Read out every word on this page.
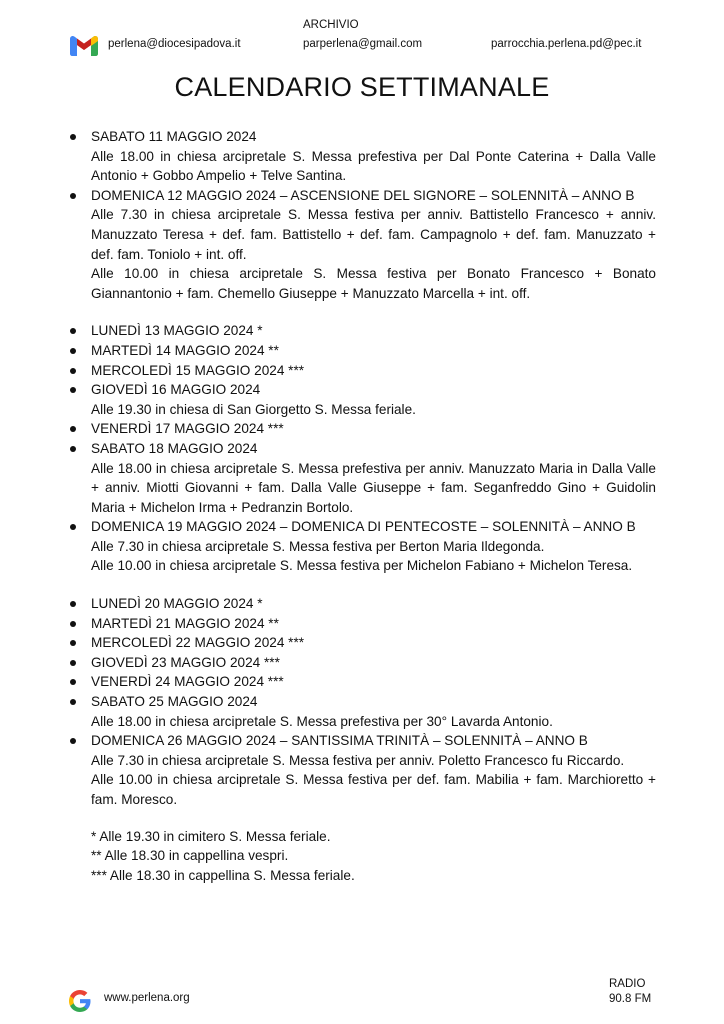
ARCHIVIO
perlena@diocesipadova.it	parperlena@gmail.com	parrocchia.perlena.pd@pec.it
CALENDARIO SETTIMANALE
SABATO 11 MAGGIO 2024
Alle 18.00 in chiesa arcipretale S. Messa prefestiva per Dal Ponte Caterina + Dalla Valle Antonio + Gobbo Ampelio + Telve Santina.
DOMENICA 12 MAGGIO 2024 – ASCENSIONE DEL SIGNORE – SOLENNITÀ – ANNO B
Alle 7.30 in chiesa arcipretale S. Messa festiva per anniv. Battistello Francesco + anniv. Manuzzato Teresa + def. fam. Battistello + def. fam. Campagnolo + def. fam. Manuzzato + def. fam. Toniolo + int. off.
Alle 10.00 in chiesa arcipretale S. Messa festiva per Bonato Francesco + Bonato Giannantonio + fam. Chemello Giuseppe + Manuzzato Marcella + int. off.
LUNEDÌ 13 MAGGIO 2024 *
MARTEDÌ 14 MAGGIO 2024 **
MERCOLEDÌ 15 MAGGIO 2024 ***
GIOVEDÌ 16 MAGGIO 2024
Alle 19.30 in chiesa di San Giorgetto S. Messa feriale.
VENERDÌ 17 MAGGIO 2024 ***
SABATO 18 MAGGIO 2024
Alle 18.00 in chiesa arcipretale S. Messa prefestiva per anniv. Manuzzato Maria in Dalla Valle + anniv. Miotti Giovanni + fam. Dalla Valle Giuseppe + fam. Seganfreddo Gino + Guidolin Maria + Michelon Irma + Pedranzin Bortolo.
DOMENICA 19 MAGGIO 2024 – DOMENICA DI PENTECOSTE – SOLENNITÀ – ANNO B
Alle 7.30 in chiesa arcipretale S. Messa festiva per Berton Maria Ildegonda.
Alle 10.00 in chiesa arcipretale S. Messa festiva per Michelon Fabiano + Michelon Teresa.
LUNEDÌ 20 MAGGIO 2024 *
MARTEDÌ 21 MAGGIO 2024 **
MERCOLEDÌ 22 MAGGIO 2024 ***
GIOVEDÌ 23 MAGGIO 2024 ***
VENERDÌ 24 MAGGIO 2024 ***
SABATO 25 MAGGIO 2024
Alle 18.00 in chiesa arcipretale S. Messa prefestiva per 30° Lavarda Antonio.
DOMENICA 26 MAGGIO 2024 – SANTISSIMA TRINITÀ – SOLENNITÀ – ANNO B
Alle 7.30 in chiesa arcipretale S. Messa festiva per anniv. Poletto Francesco fu Riccardo.
Alle 10.00 in chiesa arcipretale S. Messa festiva per def. fam. Mabilia + fam. Marchioretto + fam. Moresco.
* Alle 19.30 in cimitero S. Messa feriale.
** Alle 18.30 in cappellina vespri.
*** Alle 18.30 in cappellina S. Messa feriale.
www.perlena.org
RADIO
90.8 FM
